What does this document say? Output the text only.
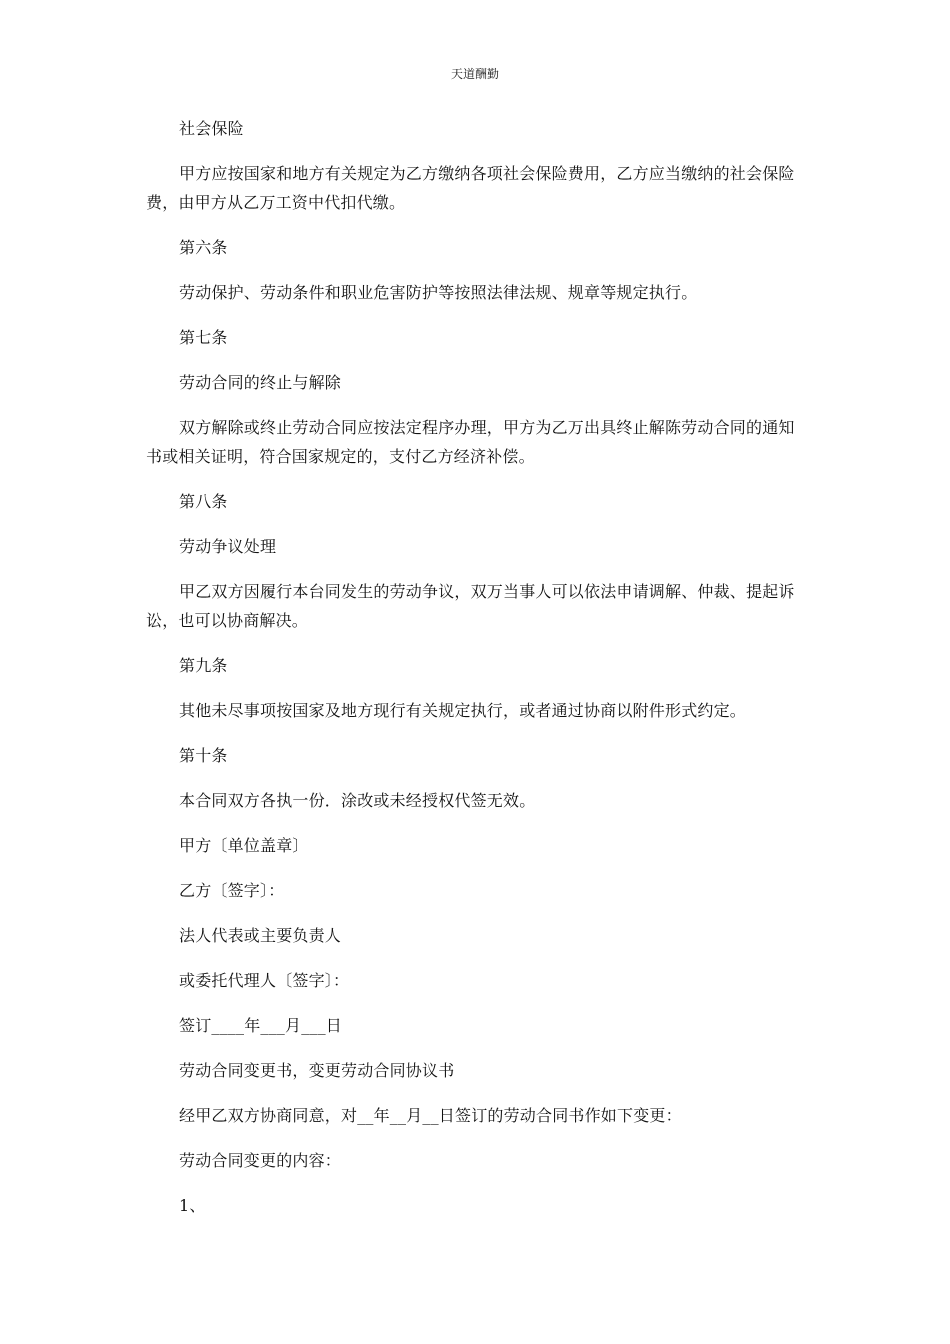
天道酬勤

社会保险

甲方应按国家和地方有关规定为乙方缴纳各项社会保险费用，乙方应当缴纳的社会保险费，由甲方从乙万工资中代扣代缴。

第六条

劳动保护、劳动条件和职业危害防护等按照法律法规、规章等规定执行。

第七条

劳动合同的终止与解除

双方解除或终止劳动合同应按法定程序办理，甲方为乙万出具终止解陈劳动合同的通知书或相关证明，符合国家规定的，支付乙方经济补偿。

第八条

劳动争议处理

甲乙双方因履行本台同发生的劳动争议，双万当事人可以依法申请调解、仲裁、提起诉讼，也可以协商解决。

第九条

其他未尽事项按国家及地方现行有关规定执行，或者通过协商以附件形式约定。

第十条

本合同双方各执一份．涂改或未经授权代签无效。

甲方〔单位盖章〕

乙方〔签字〕：

法人代表或主要负责人

或委托代理人〔签字〕：

签订____年___月___日

劳动合同变更书，变更劳动合同协议书

经甲乙双方协商同意，对__年__月__日签订的劳动合同书作如下变更：

劳动合同变更的内容：

1、
